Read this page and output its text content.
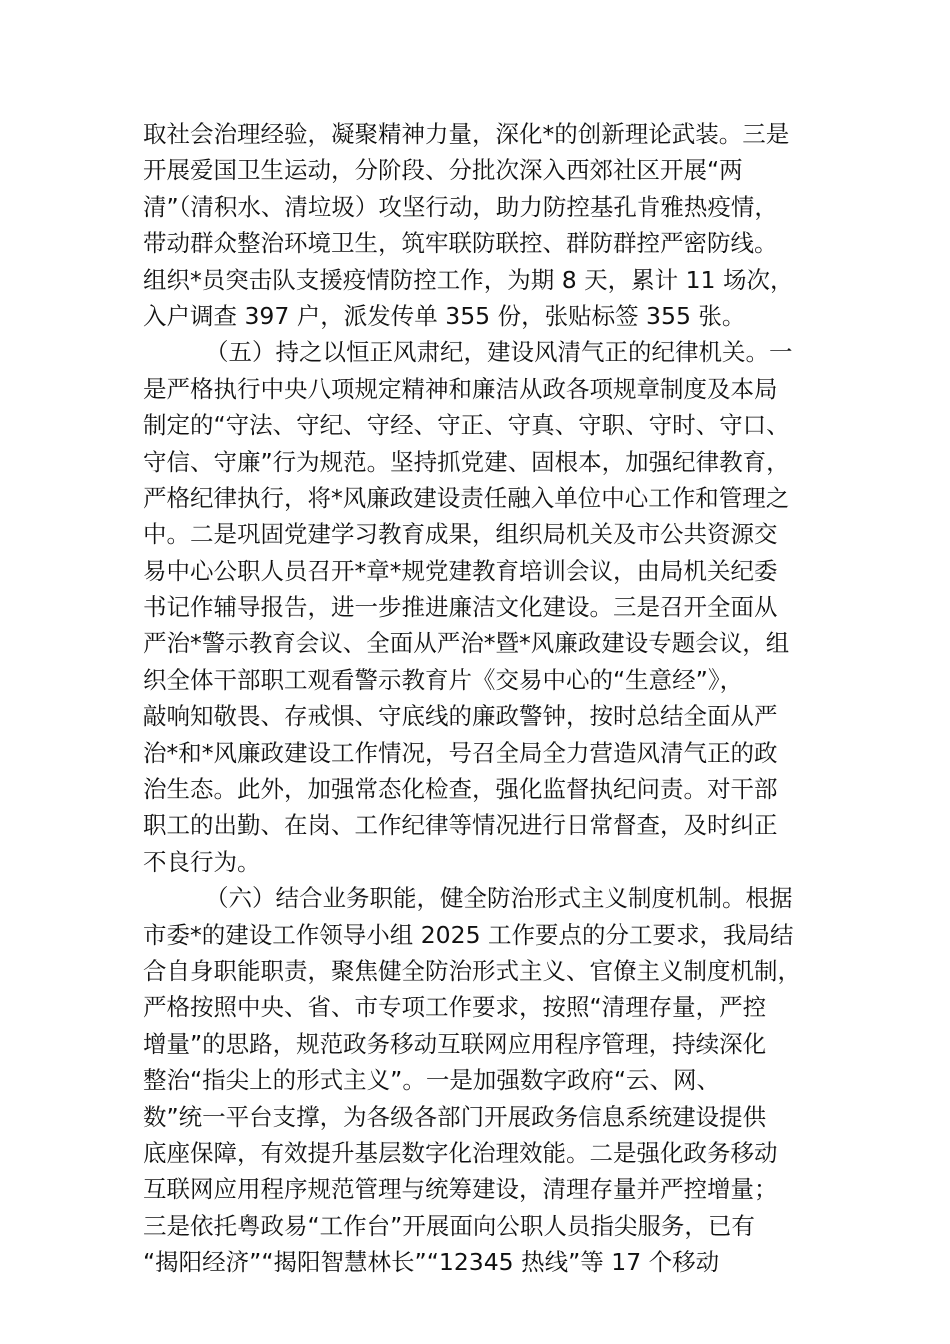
取社会治理经验，凝聚精神力量，深化*的创新理论武装。三是
开展爱国卫生运动，分阶段、分批次深入西郊社区开展“两
清”（清积水、清垃圾）攻坚行动，助力防控基孔肯雅热疫情，
带动群众整治环境卫生，筑牢联防联控、群防群控严密防线。
组织*员突击队支援疫情防控工作，为期 8 天，累计 11 场次，
入户调查 397 户，派发传单 355 份，张贴标签 355 张。
（五）持之以恒正风肃纪，建设风清气正的纪律机关。一
是严格执行中央八项规定精神和廉洁从政各项规章制度及本局
制定的“守法、守纪、守经、守正、守真、守职、守时、守口、
守信、守廉”行为规范。坚持抓党建、固根本，加强纪律教育，
严格纪律执行，将*风廉政建设责任融入单位中心工作和管理之
中。二是巩固党建学习教育成果，组织局机关及市公共资源交
易中心公职人员召开*章*规党建教育培训会议，由局机关纪委
书记作辅导报告，进一步推进廉洁文化建设。三是召开全面从
严治*警示教育会议、全面从严治*暨*风廉政建设专题会议，组
织全体干部职工观看警示教育片《交易中心的“生意经”》，
敲响知敬畏、存戒惧、守底线的廉政警钟，按时总结全面从严
治*和*风廉政建设工作情况，号召全局全力营造风清气正的政
治生态。此外，加强常态化检查，强化监督执纪问责。对干部
职工的出勤、在岗、工作纪律等情况进行日常督查，及时纠正
不良行为。
（六）结合业务职能，健全防治形式主义制度机制。根据
市委*的建设工作领导小组 2025 工作要点的分工要求，我局结
合自身职能职责，聚焦健全防治形式主义、官僚主义制度机制，
严格按照中央、省、市专项工作要求，按照“清理存量，严控
增量”的思路，规范政务移动互联网应用程序管理，持续深化
整治“指尖上的形式主义”。一是加强数字政府“云、网、
数”统一平台支撑，为各级各部门开展政务信息系统建设提供
底座保障，有效提升基层数字化治理效能。二是强化政务移动
互联网应用程序规范管理与统筹建设，清理存量并严控增量；
三是依托粤政易“工作台”开展面向公职人员指尖服务，已有
“揭阳经济”“揭阳智慧林长”“12345 热线”等 17 个移动
